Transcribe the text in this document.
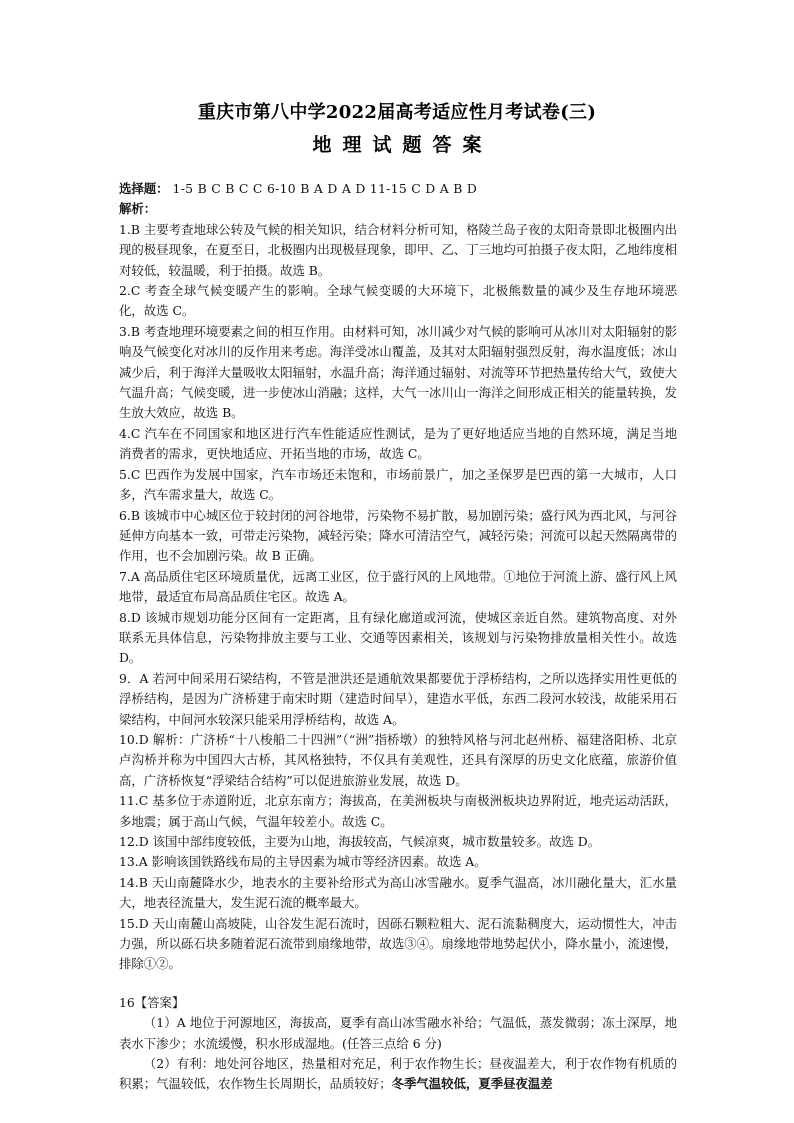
重庆市第八中学2022届高考适应性月考试卷(三)
地理试题答案

选择题： 1-5 B C B C C 6-10 B A D A D 11-15 C D A B D

解析：

1.B 主要考查地球公转及气候的相关知识，结合材料分析可知，格陵兰岛子夜的太阳奇景即北极圈内出现的极昼现象，在夏至日，北极圈内出现极昼现象，即甲、乙、丁三地均可拍摄子夜太阳，乙地纬度相对较低，较温暖，利于拍摄。故选 B。

2.C 考查全球气候变暖产生的影响。全球气候变暖的大环境下，北极熊数量的减少及生存地环境恶化，故选 C。

3.B 考查地理环境要素之间的相互作用。由材料可知，冰川减少对气候的影响可从冰川对太阳辐射的影响及气候变化对冰川的反作用来考虑。海洋受冰山覆盖，及其对太阳辐射强烈反射，海水温度低；冰山减少后，利于海洋大量吸收太阳辐射，水温升高；海洋通过辐射、对流等环节把热量传给大气，致使大气温升高；气候变暖，进一步使冰山消融；这样，大气一冰川山一海洋之间形成正相关的能量转换，发生放大效应，故选 B。

4.C 汽车在不同国家和地区进行汽车性能适应性测试，是为了更好地适应当地的自然环境，满足当地消费者的需求，更快地适应、开拓当地的市场，故选 C。

5.C 巴西作为发展中国家，汽车市场还未饱和，市场前景广，加之圣保罗是巴西的第一大城市，人口多，汽车需求量大，故选 C。

6.B 该城市中心城区位于较封闭的河谷地带，污染物不易扩散，易加剧污染；盛行风为西北风，与河谷延伸方向基本一致，可带走污染物，减轻污染；降水可清洁空气，减轻污染；河流可以起天然隔离带的作用，也不会加剧污染。故 B 正确。

7.A 高品质住宅区环境质量优，远离工业区，位于盛行风的上风地带。①地位于河流上游、盛行风上风地带，最适宜布局高品质住宅区。故选 A。

8.D 该城市规划功能分区间有一定距离，且有绿化廊道或河流，使城区亲近自然。建筑物高度、对外联系无具体信息，污染物排放主要与工业、交通等因素相关，该规划与污染物排放量相关性小。故选 D。

9．A 若河中间采用石梁结构，不管是泄洪还是通航效果都要优于浮桥结构，之所以选择实用性更低的浮桥结构，是因为广济桥建于南宋时期（建造时间早），建造水平低，东西二段河水较浅，故能采用石梁结构，中间河水较深只能采用浮桥结构，故选 A。

10.D 解析：广济桥“十八梭船二十四洲”（“洲”指桥墩）的独特风格与河北赵州桥、福建洛阳桥、北京卢沟桥并称为中国四大古桥，其风格独特，不仅具有美观性，还具有深厚的历史文化底蕴，旅游价值高，广济桥恢复“浮梁结合结构”可以促进旅游业发展，故选 D。

11.C 基多位于赤道附近，北京东南方；海拔高，在美洲板块与南极洲板块边界附近，地壳运动活跃，多地震；属于高山气候，气温年较差小。故选 C。

12.D 该国中部纬度较低，主要为山地，海拔较高，气候凉爽，城市数量较多。故选 D。

13.A 影响该国铁路线布局的主导因素为城市等经济因素。故选 A。

14.B 天山南麓降水少，地表水的主要补给形式为高山冰雪融水。夏季气温高，冰川融化量大，汇水量大，地表径流量大，发生泥石流的概率最大。

15.D 天山南麓山高坡陡，山谷发生泥石流时，因砾石颗粒粗大、泥石流黏稠度大，运动惯性大，冲击力强，所以砾石块多随着泥石流带到扇缘地带，故选③④。扇缘地带地势起伏小，降水量小，流速慢，排除①②。

16【答案】

（1）A 地位于河源地区，海拔高，夏季有高山冰雪融水补给；气温低，蒸发微弱；冻土深厚，地表水下渗少；水流缓慢，积水形成湿地。(任答三点给 6 分)

（2）有利：地处河谷地区，热量相对充足，利于农作物生长；昼夜温差大，利于农作物有机质的积累；气温较低，农作物生长周期长，品质较好；冬季气温较低，夏季昼夜温差
